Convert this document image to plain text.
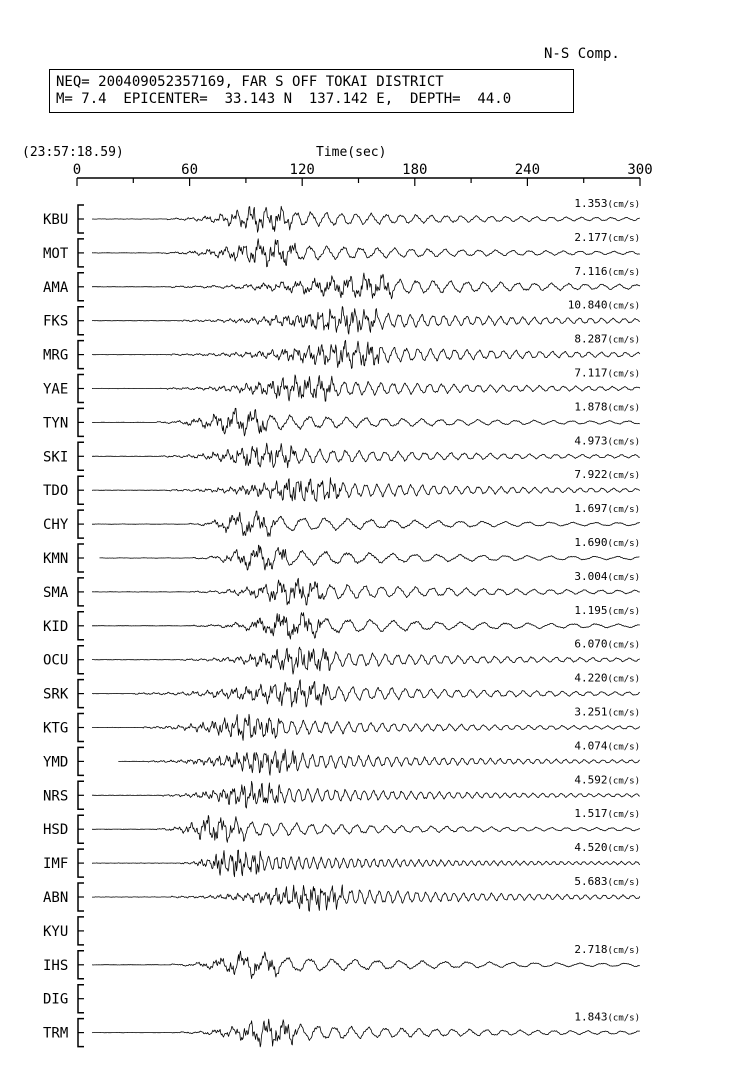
N-S Comp.
NEQ= 200409052357169, FAR S OFF TOKAI DISTRICT
M= 7.4  EPICENTER=  33.143 N  137.142 E,  DEPTH=  44.0
(23:57:18.59)	Time(sec)
0	60	120	180	240	300
KBU
1.353(cm/s)
MOT
2.177(cm/s)
AMA
7.116(cm/s)
FKS
10.840(cm/s)
MRG
8.287(cm/s)
YAE
7.117(cm/s)
TYN
1.878(cm/s)
SKI
4.973(cm/s)
TDO
7.922(cm/s)
CHY
1.697(cm/s)
KMN
1.690(cm/s)
SMA
3.004(cm/s)
KID
1.195(cm/s)
OCU
6.070(cm/s)
SRK
4.220(cm/s)
KTG
3.251(cm/s)
YMD
4.074(cm/s)
NRS
4.592(cm/s)
HSD
1.517(cm/s)
IMF
4.520(cm/s)
ABN
5.683(cm/s)
KYU
IHS
2.718(cm/s)
DIG
TRM
1.843(cm/s)
